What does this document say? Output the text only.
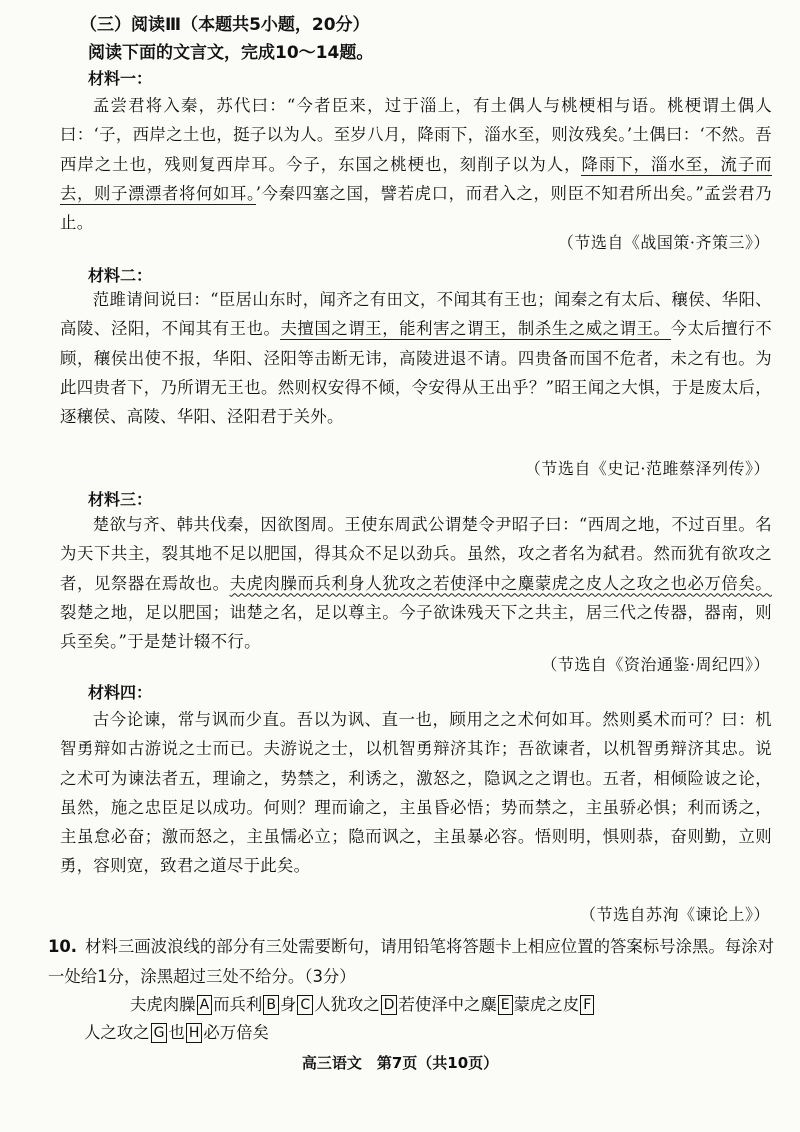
（三）阅读Ⅲ（本题共5小题，20分）
阅读下面的文言文，完成10～14题。
材料一：
孟尝君将入秦，苏代曰：“今者臣来，过于淄上，有土偶人与桃梗相与语。桃梗谓土偶人曰：‘子，西岸之土也，挺子以为人。至岁八月，降雨下，淄水至，则汝残矣。’土偶曰：‘不然。吾西岸之土也，残则复西岸耳。今子，东国之桃梗也，刻削子以为人，降雨下，淄水至，流子而去，则子漂漂者将何如耳。’今秦四塞之国，譬若虎口，而君入之，则臣不知君所出矣。”孟尝君乃止。
（节选自《战国策·齐策三》）
材料二：
范雎请间说曰：“臣居山东时，闻齐之有田文，不闻其有王也；闻秦之有太后、穰侯、华阳、高陵、泾阳，不闻其有王也。夫擅国之谓王，能利害之谓王，制杀生之威之谓王。今太后擅行不顾，穰侯出使不报，华阳、泾阳等击断无讳，高陵进退不请。四贵备而国不危者，未之有也。为此四贵者下，乃所谓无王也。然则权安得不倾，令安得从王出乎？”昭王闻之大惧，于是废太后，逐穰侯、高陵、华阳、泾阳君于关外。
（节选自《史记·范雎蔡泽列传》）
材料三：
楚欲与齐、韩共伐秦，因欲图周。王使东周武公谓楚令尹昭子曰：“西周之地，不过百里。名为天下共主，裂其地不足以肥国，得其众不足以劲兵。虽然，攻之者名为弑君。然而犹有欲攻之者，见祭器在焉故也。夫虎肉臊而兵利身人犹攻之若使泽中之麋蒙虎之皮人之攻之也必万倍矣。裂楚之地，足以肥国；诎楚之名，足以尊主。今子欲诛残天下之共主，居三代之传器，器南，则兵至矣。”于是楚计辍不行。
（节选自《资治通鉴·周纪四》）
材料四：
古今论谏，常与讽而少直。吾以为讽、直一也，顾用之之术何如耳。然则奚术而可？曰：机智勇辩如古游说之士而已。夫游说之士，以机智勇辩济其诈；吾欲谏者，以机智勇辩济其忠。说之术可为谏法者五，理谕之，势禁之，利诱之，激怒之，隐讽之之谓也。五者，相倾险诐之论，虽然，施之忠臣足以成功。何则？理而谕之，主虽昏必悟；势而禁之，主虽骄必惧；利而诱之，主虽怠必奋；激而怒之，主虽懦必立；隐而讽之，主虽暴必容。悟则明，惧则恭，奋则勤，立则勇，容则宽，致君之道尽于此矣。
（节选自苏洵《谏论上》）
10. 材料三画波浪线的部分有三处需要断句，请用铅笔将答题卡上相应位置的答案标号涂黑。每涂对一处给1分，涂黑超过三处不给分。（3分）
夫虎肉臊 A 而兵利 B 身 C 人犹攻之 D 若使泽中之麋 E 蒙虎之皮 F
人之攻之 G 也 H 必万倍矣
高三语文　第7页（共10页）
